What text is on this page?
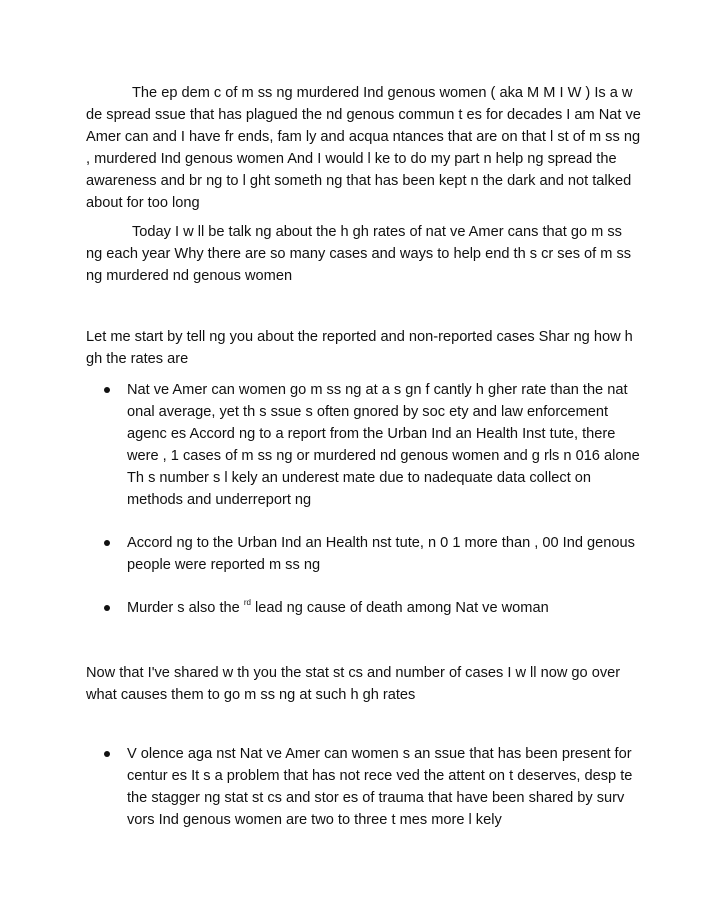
The ep dem c of m ss ng murdered Ind genous women ( aka M M I W ) Is a w de spread ssue that has plagued the nd genous commun t es for decades I am Nat ve Amer can and I have fr ends, fam ly and acqua ntances that are on that l st of m ss ng , murdered Ind genous women And I would l ke to do my part n help ng spread the awareness and br ng to l ght someth ng that has been kept n the dark and not talked about for too long

Today I w ll be talk ng about the h gh rates of nat ve Amer cans that go m ss ng each year Why there are so many cases and ways to help end th s cr ses of m ss ng murdered nd genous women

Let me start by tell ng you about the reported and non-reported cases Shar ng how h gh the rates are

Nat ve Amer can women go m ss ng at a s gn f cantly h gher rate than the nat onal average, yet th s ssue s often gnored by soc ety and law enforcement agenc es Accord ng to a report from the Urban Ind an Health Inst tute, there were , 1 cases of m ss ng or murdered nd genous women and g rls n 016 alone Th s number s l kely an underest mate due to nadequate data collect on methods and underreport ng

Accord ng to the Urban Ind an Health nst tute, n 0 1 more than , 00 Ind genous people were reported m ss ng

Murder s also the $^{rd}$ lead ng cause of death among Nat ve woman

Now that I've shared w th you the stat st cs and number of cases I w ll now go over what causes them to go m ss ng at such h gh rates

V olence aga nst Nat ve Amer can women s an ssue that has been present for centur es It s a problem that has not rece ved the attent on t deserves, desp te the stagger ng stat st cs and stor es of trauma that have been shared by surv vors Ind genous women are two to three t mes more l kely
